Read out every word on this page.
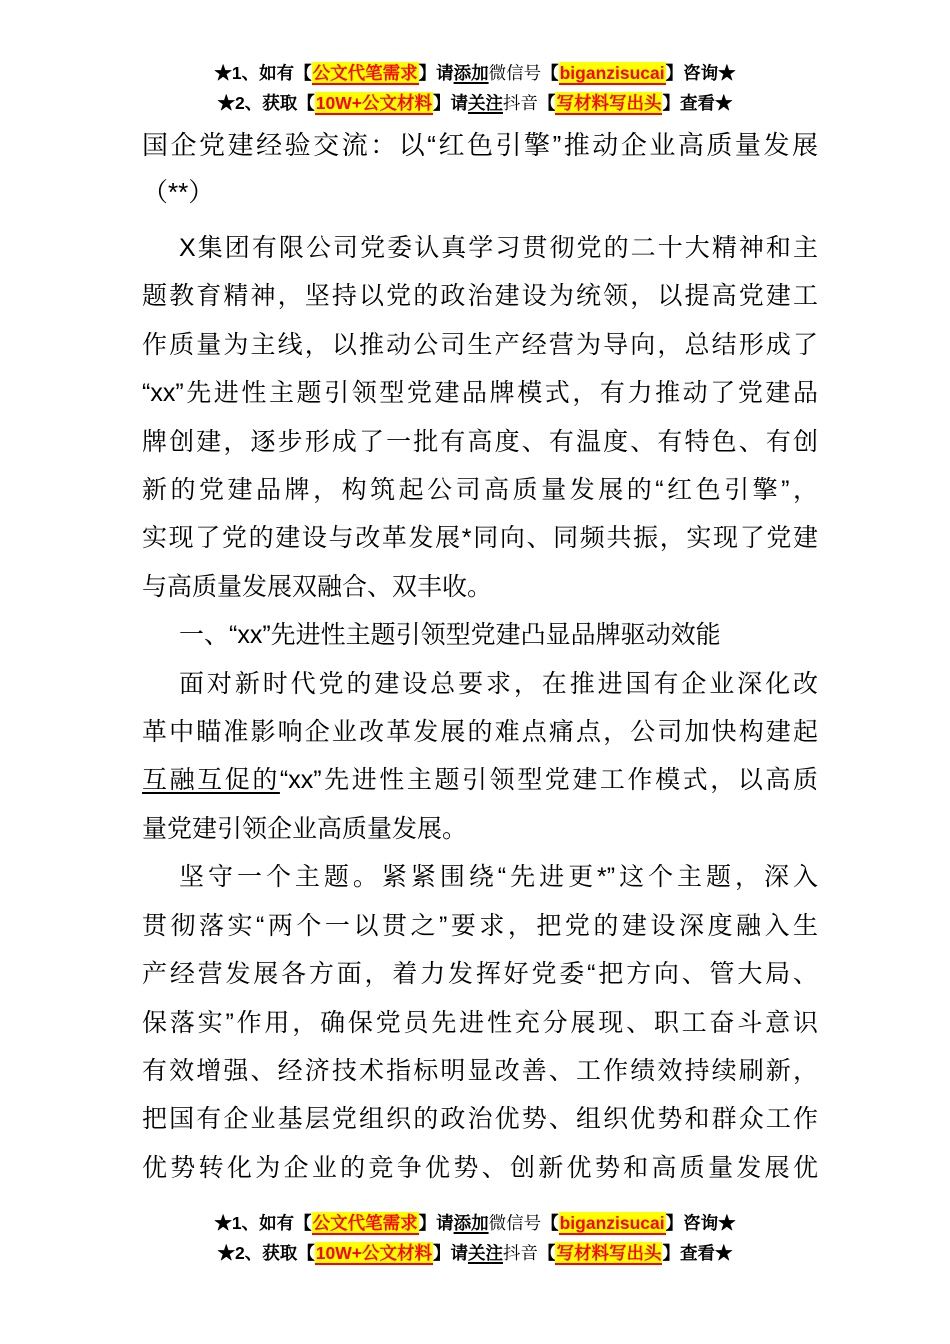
★1、如有【公文代笔需求】请添加微信号【biganzisucai】咨询★
★2、获取【10W+公文材料】请关注抖音【写材料写出头】查看★
国企党建经验交流：以“红色引擎”推动企业高质量发展
（**）
X集团有限公司党委认真学习贯彻党的二十大精神和主
题教育精神，坚持以党的政治建设为统领，以提高党建工
作质量为主线，以推动公司生产经营为导向，总结形成了
“xx”先进性主题引领型党建品牌模式，有力推动了党建品
牌创建，逐步形成了一批有高度、有温度、有特色、有创
新的党建品牌，构筑起公司高质量发展的“红色引擎”，
实现了党的建设与改革发展*同向、同频共振，实现了党建
与高质量发展双融合、双丰收。
一、“xx”先进性主题引领型党建凸显品牌驱动效能
面对新时代党的建设总要求，在推进国有企业深化改
革中瞄准影响企业改革发展的难点痛点，公司加快构建起
互融互促的“xx”先进性主题引领型党建工作模式，以高质
量党建引领企业高质量发展。
坚守一个主题。紧紧围绕“先进更*”这个主题，深入
贯彻落实“两个一以贯之”要求，把党的建设深度融入生
产经营发展各方面，着力发挥好党委“把方向、管大局、
保落实”作用，确保党员先进性充分展现、职工奋斗意识
有效增强、经济技术指标明显改善、工作绩效持续刷新，
把国有企业基层党组织的政治优势、组织优势和群众工作
优势转化为企业的竞争优势、创新优势和高质量发展优
★1、如有【公文代笔需求】请添加微信号【biganzisucai】咨询★
★2、获取【10W+公文材料】请关注抖音【写材料写出头】查看★
